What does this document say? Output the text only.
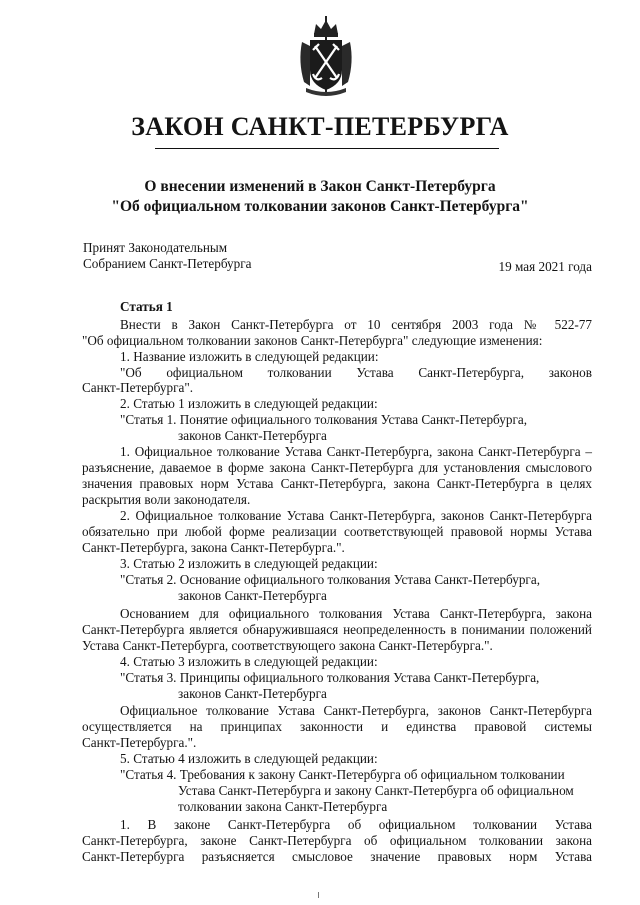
ЗАКОН САНКТ-ПЕТЕРБУРГА
О внесении изменений в Закон Санкт-Петербурга
"Об официальном толковании законов Санкт-Петербурга"
Принят Законодательным
Собранием Санкт-Петербурга	19 мая 2021 года
Статья 1
Внести в Закон Санкт-Петербурга от 10 сентября 2003 года № 522-77
"Об официальном толковании законов Санкт-Петербурга" следующие изменения:
1. Название изложить в следующей редакции:
"Об официальном толковании Устава Санкт-Петербурга, законов
Санкт-Петербурга".
2. Статью 1 изложить в следующей редакции:
"Статья 1. Понятие официального толкования Устава Санкт-Петербурга,
законов Санкт-Петербурга
1. Официальное толкование Устава Санкт-Петербурга, закона Санкт-Петербурга –
разъяснение, даваемое в форме закона Санкт-Петербурга для установления смыслового
значения правовых норм Устава Санкт-Петербурга, закона Санкт-Петербурга в целях
раскрытия воли законодателя.
2. Официальное толкование Устава Санкт-Петербурга, законов Санкт-Петербурга
обязательно при любой форме реализации соответствующей правовой нормы Устава
Санкт-Петербурга, закона Санкт-Петербурга.".
3. Статью 2 изложить в следующей редакции:
"Статья 2. Основание официального толкования Устава Санкт-Петербурга,
законов Санкт-Петербурга
Основанием для официального толкования Устава Санкт-Петербурга, закона
Санкт-Петербурга является обнаружившаяся неопределенность в понимании положений
Устава Санкт-Петербурга, соответствующего закона Санкт-Петербурга.".
4. Статью 3 изложить в следующей редакции:
"Статья 3. Принципы официального толкования Устава Санкт-Петербурга,
законов Санкт-Петербурга
Официальное толкование Устава Санкт-Петербурга, законов Санкт-Петербурга
осуществляется на принципах законности и единства правовой системы
Санкт-Петербурга.".
5. Статью 4 изложить в следующей редакции:
"Статья 4. Требования к закону Санкт-Петербурга об официальном толковании
Устава Санкт-Петербурга и закону Санкт-Петербурга об официальном
толковании закона Санкт-Петербурга
1. В законе Санкт-Петербурга об официальном толковании Устава
Санкт-Петербурга, законе Санкт-Петербурга об официальном толковании закона
Санкт-Петербурга разъясняется смысловое значение правовых норм Устава
